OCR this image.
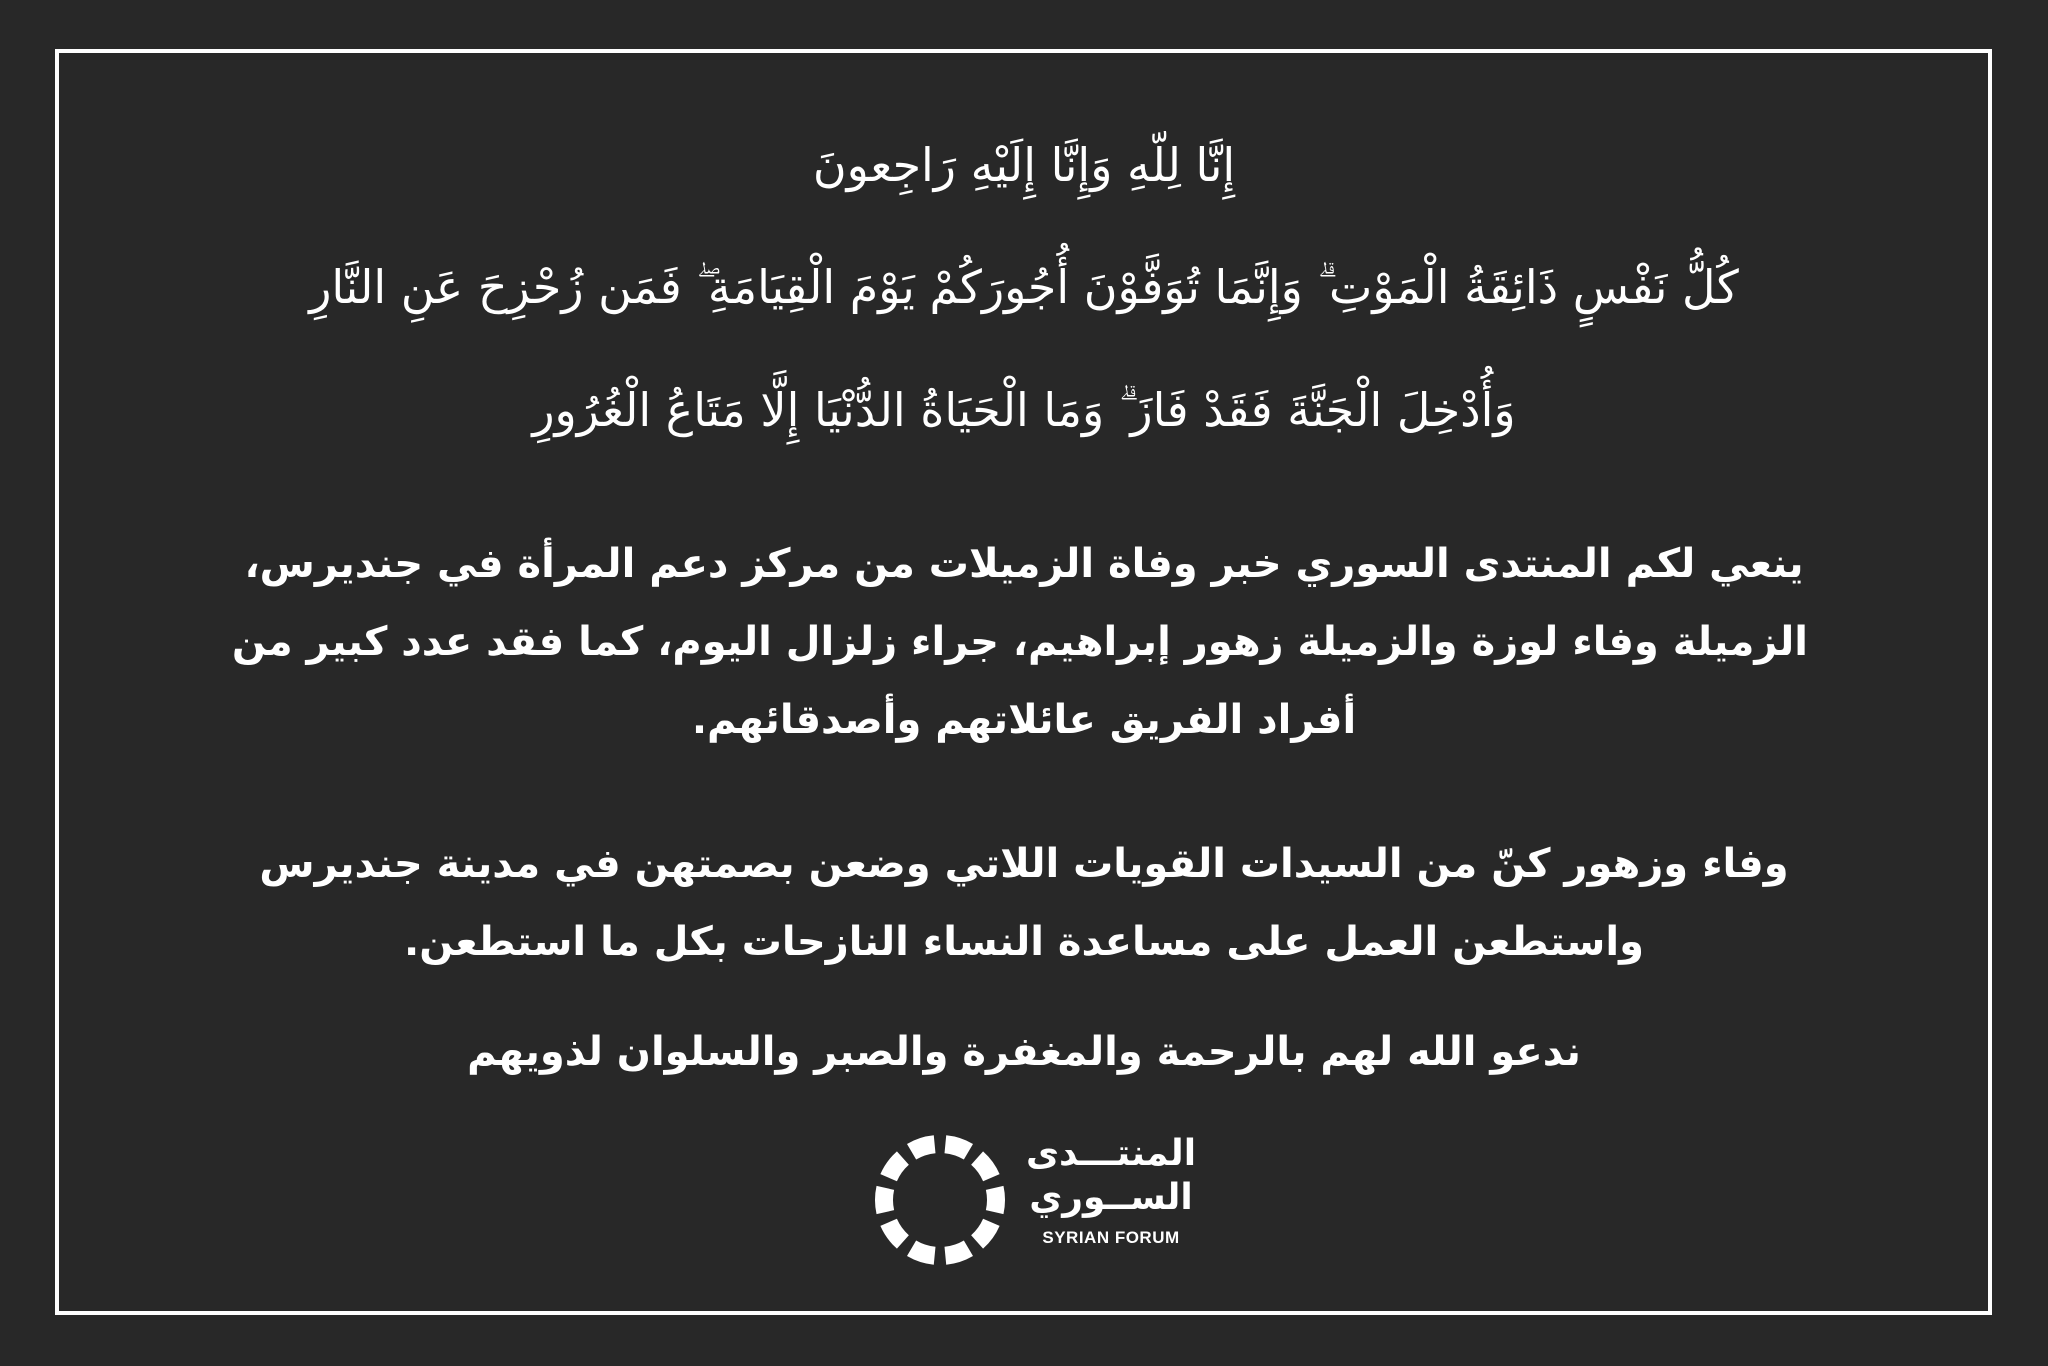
إِنَّا لِلّهِ وَإِنَّا إِلَيْهِ رَاجِعونَ
كُلُّ نَفْسٍ ذَائِقَةُ الْمَوْتِ ۗ وَإِنَّمَا تُوَفَّوْنَ أُجُورَكُمْ يَوْمَ الْقِيَامَةِ ۖ فَمَن زُحْزِحَ عَنِ النَّارِ
وَأُدْخِلَ الْجَنَّةَ فَقَدْ فَازَ ۗ وَمَا الْحَيَاةُ الدُّنْيَا إِلَّا مَتَاعُ الْغُرُورِ
ينعي لكم المنتدى السوري خبر وفاة الزميلات من مركز دعم المرأة في جنديرس،
الزميلة وفاء لوزة والزميلة زهور إبراهيم، جراء زلزال اليوم، كما فقد عدد كبير من
أفراد الفريق عائلاتهم وأصدقائهم.
وفاء وزهور كنّ من السيدات القويات اللاتي وضعن بصمتهن في مدينة جنديرس
واستطعن العمل على مساعدة النساء النازحات بكل ما استطعن.
ندعو الله لهم بالرحمة والمغفرة والصبر والسلوان لذويهم
المنتـــدى
الســوري
SYRIAN FORUM
